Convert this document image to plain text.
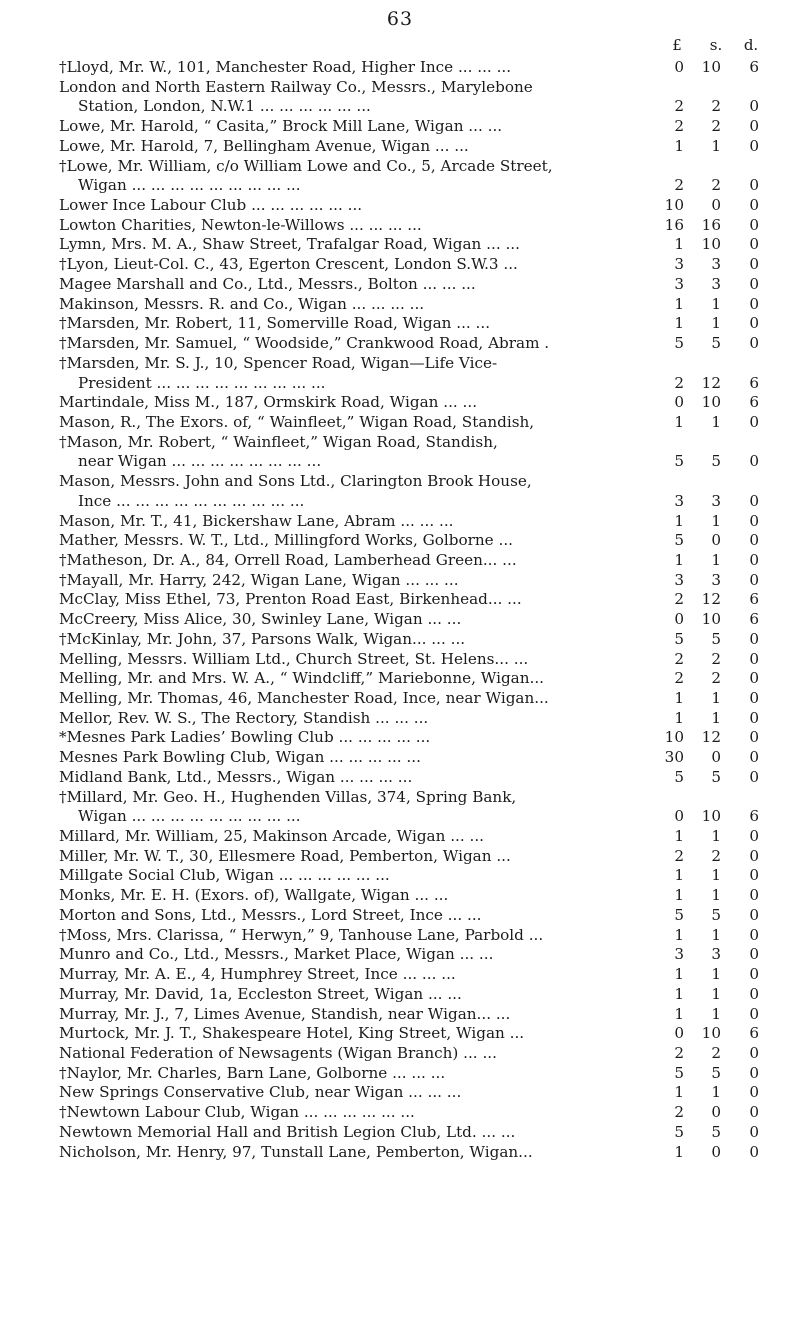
63
£	s.	d.
†Lloyd, Mr. W., 101, Manchester Road, Higher Ince ... ... ...	0	10	6
London and North Eastern Railway Co., Messrs., Marylebone
Station, London, N.W.1 ... ... ... ... ... ...	2	2	0
Lowe, Mr. Harold, “ Casita,” Brock Mill Lane, Wigan ... ...	2	2	0
Lowe, Mr. Harold, 7, Bellingham Avenue, Wigan ... ...	1	1	0
†Lowe, Mr. William, c/o William Lowe and Co., 5, Arcade Street,
Wigan ... ... ... ... ... ... ... ... ...	2	2	0
Lower Ince Labour Club ... ... ... ... ... ...	10	0	0
Lowton Charities, Newton-le-Willows ... ... ... ...	16	16	0
Lymn, Mrs. M. A., Shaw Street, Trafalgar Road, Wigan ... ...	1	10	0
†Lyon, Lieut-Col. C., 43, Egerton Crescent, London S.W.3 ...	3	3	0
Magee Marshall and Co., Ltd., Messrs., Bolton ... ... ...	3	3	0
Makinson, Messrs. R. and Co., Wigan ... ... ... ...	1	1	0
†Marsden, Mr. Robert, 11, Somerville Road, Wigan ... ...	1	1	0
†Marsden, Mr. Samuel, “ Woodside,” Crankwood Road, Abram .	5	5	0
†Marsden, Mr. S. J., 10, Spencer Road, Wigan—Life Vice-
President ... ... ... ... ... ... ... ... ...	2	12	6
Martindale, Miss M., 187, Ormskirk Road, Wigan ... ...	0	10	6
Mason, R., The Exors. of, “ Wainfleet,” Wigan Road, Standish,	1	1	0
†Mason, Mr. Robert, “ Wainfleet,” Wigan Road, Standish,
near Wigan ... ... ... ... ... ... ... ...	5	5	0
Mason, Messrs. John and Sons Ltd., Clarington Brook House,
Ince ... ... ... ... ... ... ... ... ... ...	3	3	0
Mason, Mr. T., 41, Bickershaw Lane, Abram ... ... ...	1	1	0
Mather, Messrs. W. T., Ltd., Millingford Works, Golborne ...	5	0	0
†Matheson, Dr. A., 84, Orrell Road, Lamberhead Green... ...	1	1	0
†Mayall, Mr. Harry, 242, Wigan Lane, Wigan ... ... ...	3	3	0
McClay, Miss Ethel, 73, Prenton Road East, Birkenhead... ...	2	12	6
McCreery, Miss Alice, 30, Swinley Lane, Wigan ... ...	0	10	6
†McKinlay, Mr. John, 37, Parsons Walk, Wigan... ... ...	5	5	0
Melling, Messrs. William Ltd., Church Street, St. Helens... ...	2	2	0
Melling, Mr. and Mrs. W. A., “ Windcliff,” Mariebonne, Wigan...	2	2	0
Melling, Mr. Thomas, 46, Manchester Road, Ince, near Wigan...	1	1	0
Mellor, Rev. W. S., The Rectory, Standish ... ... ...	1	1	0
*Mesnes Park Ladies’ Bowling Club ... ... ... ... ...	10	12	0
Mesnes Park Bowling Club, Wigan ... ... ... ... ...	30	0	0
Midland Bank, Ltd., Messrs., Wigan ... ... ... ...	5	5	0
†Millard, Mr. Geo. H., Hughenden Villas, 374, Spring Bank,
Wigan ... ... ... ... ... ... ... ... ...	0	10	6
Millard, Mr. William, 25, Makinson Arcade, Wigan ... ...	1	1	0
Miller, Mr. W. T., 30, Ellesmere Road, Pemberton, Wigan ...	2	2	0
Millgate Social Club, Wigan ... ... ... ... ... ...	1	1	0
Monks, Mr. E. H. (Exors. of), Wallgate, Wigan ... ...	1	1	0
Morton and Sons, Ltd., Messrs., Lord Street, Ince ... ...	5	5	0
†Moss, Mrs. Clarissa, “ Herwyn,” 9, Tanhouse Lane, Parbold ...	1	1	0
Munro and Co., Ltd., Messrs., Market Place, Wigan ... ...	3	3	0
Murray, Mr. A. E., 4, Humphrey Street, Ince ... ... ...	1	1	0
Murray, Mr. David, 1a, Eccleston Street, Wigan ... ...	1	1	0
Murray, Mr. J., 7, Limes Avenue, Standish, near Wigan... ...	1	1	0
Murtock, Mr. J. T., Shakespeare Hotel, King Street, Wigan ...	0	10	6
National Federation of Newsagents (Wigan Branch) ... ...	2	2	0
†Naylor, Mr. Charles, Barn Lane, Golborne ... ... ...	5	5	0
New Springs Conservative Club, near Wigan ... ... ...	1	1	0
†Newtown Labour Club, Wigan ... ... ... ... ... ...	2	0	0
Newtown Memorial Hall and British Legion Club, Ltd. ... ...	5	5	0
Nicholson, Mr. Henry, 97, Tunstall Lane, Pemberton, Wigan...	1	0	0
